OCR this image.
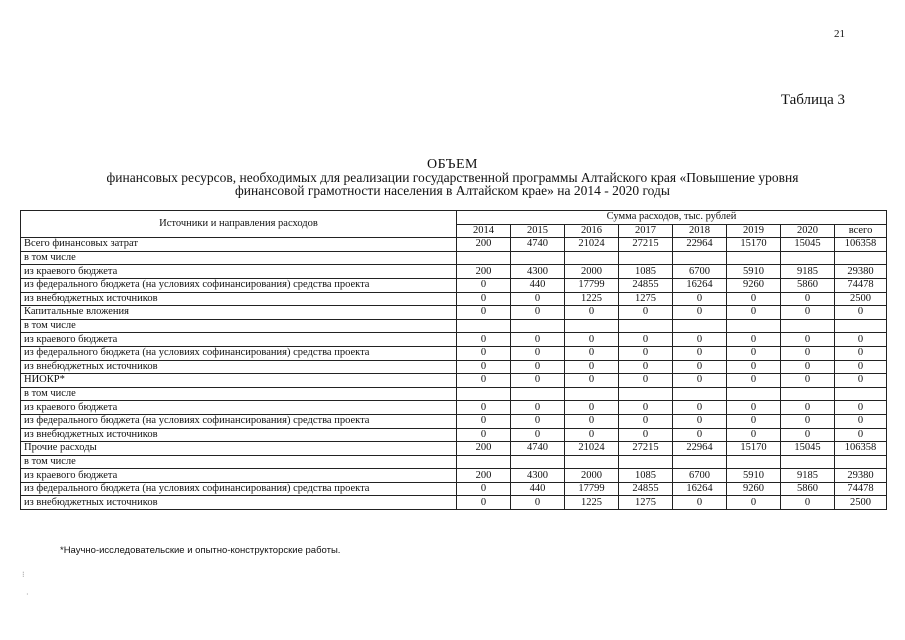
21
Таблица 3
ОБЪЕМ
финансовых ресурсов, необходимых для реализации государственной программы Алтайского края «Повышение уровня
финансовой грамотности населения в Алтайском крае» на 2014 - 2020 годы
Источники и направления расходов	Сумма расходов, тыс. рублей							
	2014	2015	2016	2017	2018	2019	2020	всего
Всего финансовых затрат	200	4740	21024	27215	22964	15170	15045	106358
в том числе								
из краевого бюджета	200	4300	2000	1085	6700	5910	9185	29380
из федерального бюджета (на условиях софинансирования) средства проекта	0	440	17799	24855	16264	9260	5860	74478
из внебюджетных источников	0	0	1225	1275	0	0	0	2500
Капитальные вложения	0	0	0	0	0	0	0	0
в том числе								
из краевого бюджета	0	0	0	0	0	0	0	0
из федерального бюджета (на условиях софинансирования) средства проекта	0	0	0	0	0	0	0	0
из внебюджетных источников	0	0	0	0	0	0	0	0
НИОКР*	0	0	0	0	0	0	0	0
в том числе								
из краевого бюджета	0	0	0	0	0	0	0	0
из федерального бюджета (на условиях софинансирования) средства проекта	0	0	0	0	0	0	0	0
из внебюджетных источников	0	0	0	0	0	0	0	0
Прочие расходы	200	4740	21024	27215	22964	15170	15045	106358
в том числе								
из краевого бюджета	200	4300	2000	1085	6700	5910	9185	29380
из федерального бюджета (на условиях софинансирования) средства проекта	0	440	17799	24855	16264	9260	5860	74478
из внебюджетных источников	0	0	1225	1275	0	0	0	2500
*Научно-исследовательские и опытно-конструкторские работы.
⁝
·
